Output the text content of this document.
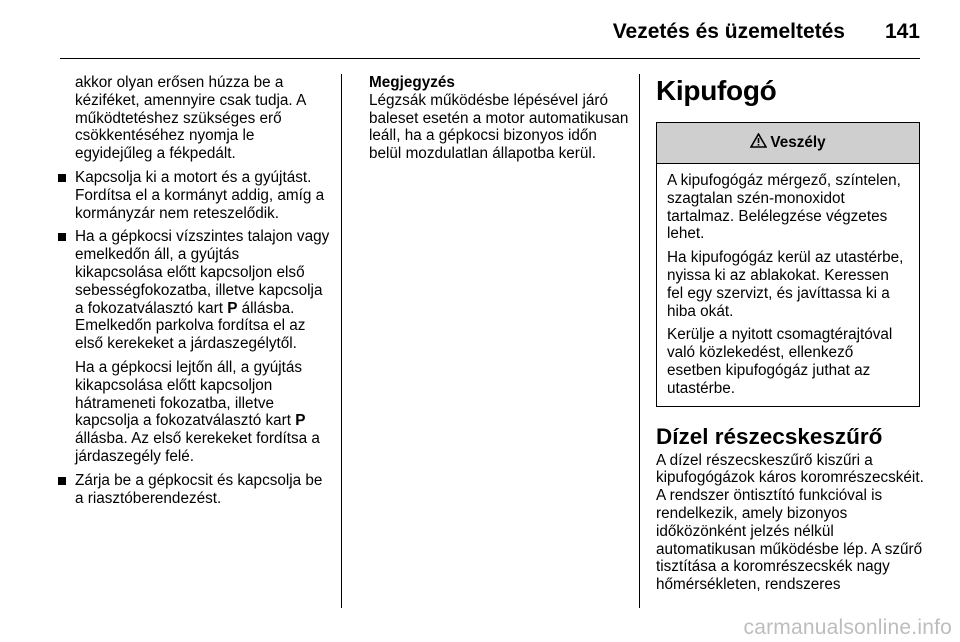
Vezetés és üzemeltetés 141

akkor olyan erősen húzza be a kéziféket, amennyire csak tudja. A működtetéshez szükséges erő csökkentéséhez nyomja le egyidejűleg a fékpedált.

Kapcsolja ki a motort és a gyújtást. Fordítsa el a kormányt addig, amíg a kormányzár nem reteszelődik.

Ha a gépkocsi vízszintes talajon vagy emelkedőn áll, a gyújtás kikapcsolása előtt kapcsoljon első sebességfokozatba, illetve kapcsolja a fokozatválasztó kart P állásba. Emelkedőn parkolva fordítsa el az első kerekeket a járdaszegélytől.

Ha a gépkocsi lejtőn áll, a gyújtás kikapcsolása előtt kapcsoljon hátrameneti fokozatba, illetve kapcsolja a fokozatválasztó kart P állásba. Az első kerekeket fordítsa a járdaszegély felé.

Zárja be a gépkocsit és kapcsolja be a riasztóberendezést.

Megjegyzés

Légzsák működésbe lépésével járó baleset esetén a motor automatikusan leáll, ha a gépkocsi bizonyos időn belül mozdulatlan állapotba kerül.

Kipufogó
Veszély

A kipufogógáz mérgező, színtelen, szagtalan szén-monoxidot tartalmaz. Belélegzése végzetes lehet.

Ha kipufogógáz kerül az utastérbe, nyissa ki az ablakokat. Keressen fel egy szervizt, és javíttassa ki a hiba okát.

Kerülje a nyitott csomagtérajtóval való közlekedést, ellenkező esetben kipufogógáz juthat az utastérbe.

Dízel részecskeszűrő

A dízel részecskeszűrő kiszűri a kipufogógázok káros koromrészecskéit. A rendszer öntisztító funkcióval is rendelkezik, amely bizonyos időközönként jelzés nélkül automatikusan működésbe lép. A szűrő tisztítása a koromrészecskék nagy hőmérsékleten, rendszeres

carmanualsonline.info
